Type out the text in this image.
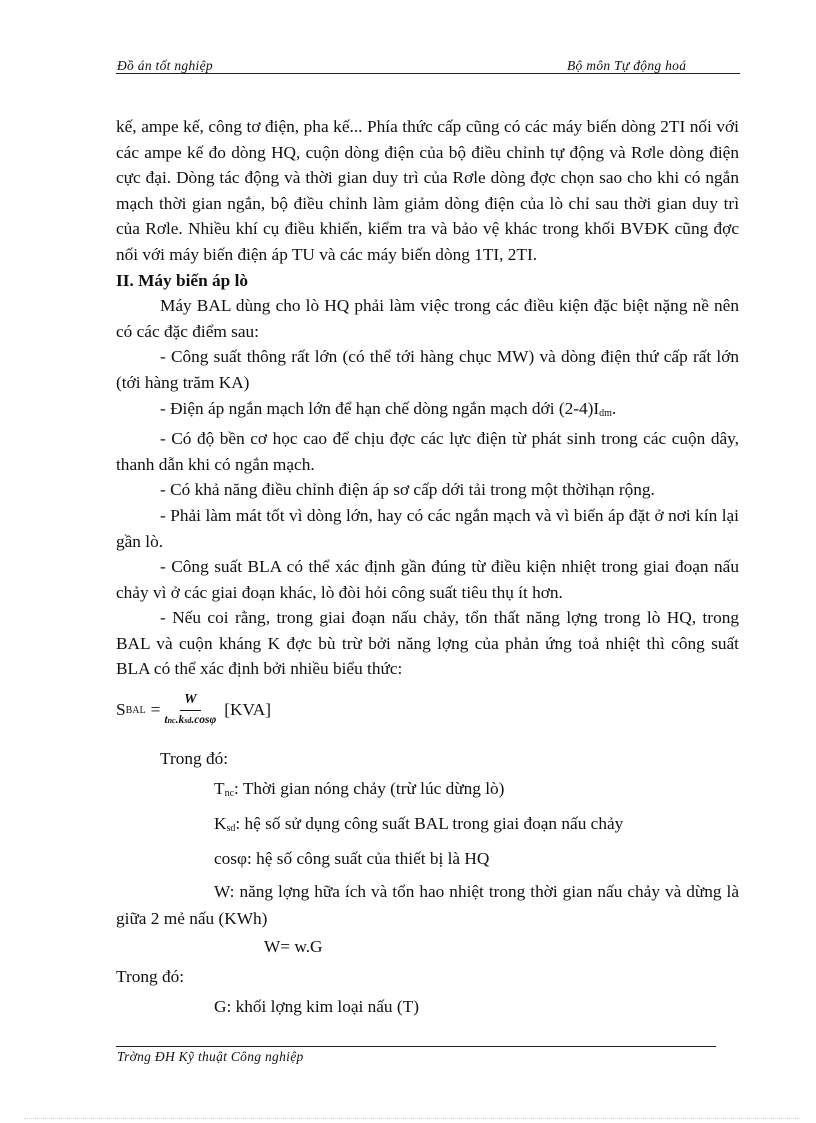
Đồ án tốt nghiệp	Bộ môn Tự động hoá

kế, ampe kế, công tơ điện, pha kế... Phía thức cấp cũng có các máy biến dòng 2TI nối với các ampe kế đo dòng HQ, cuộn dòng điện của bộ điều chỉnh tự động và Rơle dòng điện cực đại. Dòng tác động và thời gian duy trì của Rơle dòng đợc chọn sao cho khi có ngắn mạch thời gian ngắn, bộ điều chỉnh làm giảm dòng điện của lò chỉ sau thời gian duy trì của Rơle. Nhiều khí cụ điều khiển, kiểm tra và bảo vệ khác trong khối BVĐK cũng đợc nối với máy biến điện áp TU và các máy biến dòng 1TI, 2TI.

II. Máy biến áp lò

Máy BAL dùng cho lò HQ phải làm việc trong các điều kiện đặc biệt nặng nề nên có các đặc điểm sau:

- Công suất thông rất lớn (có thể tới hàng chục MW) và dòng điện thứ cấp rất lớn (tới hàng trăm KA)

- Điện áp ngắn mạch lớn để hạn chế dòng ngắn mạch dới $(2-4)I_{dm}$.

- Có độ bền cơ học cao để chịu đợc các lực điện từ phát sinh trong các cuộn dây, thanh dẫn khi có ngắn mạch.

- Có khả năng điều chỉnh điện áp sơ cấp dới tải trong một thờihạn rộng.

- Phải làm mát tốt vì dòng lớn, hay có các ngắn mạch và vì biến áp đặt ở nơi kín lại gần lò.

- Công suất BLA có thể xác định gần đúng từ điều kiện nhiệt trong giai đoạn nấu chảy vì ở các giai đoạn khác, lò đòi hỏi công suất tiêu thụ ít hơn.

- Nếu coi rằng, trong giai đoạn nấu chảy, tổn thất năng lợng trong lò HQ, trong BAL và cuộn kháng K đợc bù trừ bởi năng lợng của phản ứng toả nhiệt thì công suất BLA có thể xác định bởi nhiều biểu thức:

S BAL = $\frac{W}{\text{tnc.ksd.cosφ}} [KVA]$

Trong đó:

$T_{nc}$: Thời gian nóng chảy (trừ lúc dừng lò)

$K_{sd}$: hệ số sử dụng công suất BAL trong giai đoạn nấu chảy

cosφ: hệ số công suất của thiết bị là HQ

W: năng lợng hữa ích và tổn hao nhiệt trong thời gian nấu chảy và dừng là giữa 2 mẻ nấu (KWh)

W= w.G

Trong đó:

G: khối lợng kim loại nấu (T)

Trờng ĐH Kỹ thuật Công nghiệp
